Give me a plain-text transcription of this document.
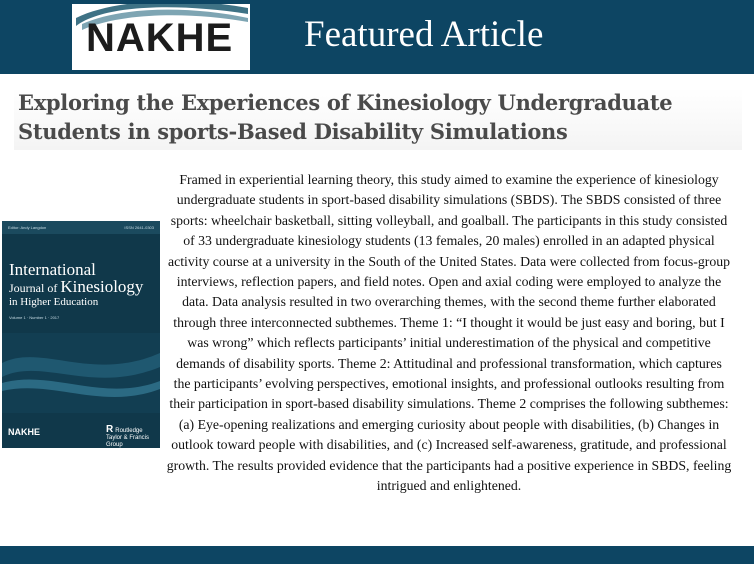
NAKHE	Featured Article
Exploring the Experiences of Kinesiology Undergraduate
Students in sports-Based Disability Simulations
Editor: Andy Langdon	ISSN 2641-0303
International
Journal of Kinesiology
in Higher Education
Volume 1 · Number 1 · 2017
NAKHE	R Routledge
Taylor & Francis Group
Framed in experiential learning theory, this study aimed to examine the experience of kinesiology undergraduate students in sport-based disability simulations (SBDS). The SBDS consisted of three sports: wheelchair basketball, sitting volleyball, and goalball. The participants in this study consisted of 33 undergraduate kinesiology students (13 females, 20 males) enrolled in an adapted physical activity course at a university in the South of the United States. Data were collected from focus-group interviews, reflection papers, and field notes. Open and axial coding were employed to analyze the data. Data analysis resulted in two overarching themes, with the second theme further elaborated through three interconnected subthemes. Theme 1: “I thought it would be just easy and boring, but I was wrong” which reflects participants’ initial underestimation of the physical and competitive demands of disability sports. Theme 2: Attitudinal and professional transformation, which captures the participants’ evolving perspectives, emotional insights, and professional outlooks resulting from their participation in sport-based disability simulations. Theme 2 comprises the following subthemes: (a) Eye-opening realizations and emerging curiosity about people with disabilities, (b) Changes in outlook toward people with disabilities, and (c) Increased self-awareness, gratitude, and professional growth. The results provided evidence that the participants had a positive experience in SBDS, feeling intrigued and enlightened.
